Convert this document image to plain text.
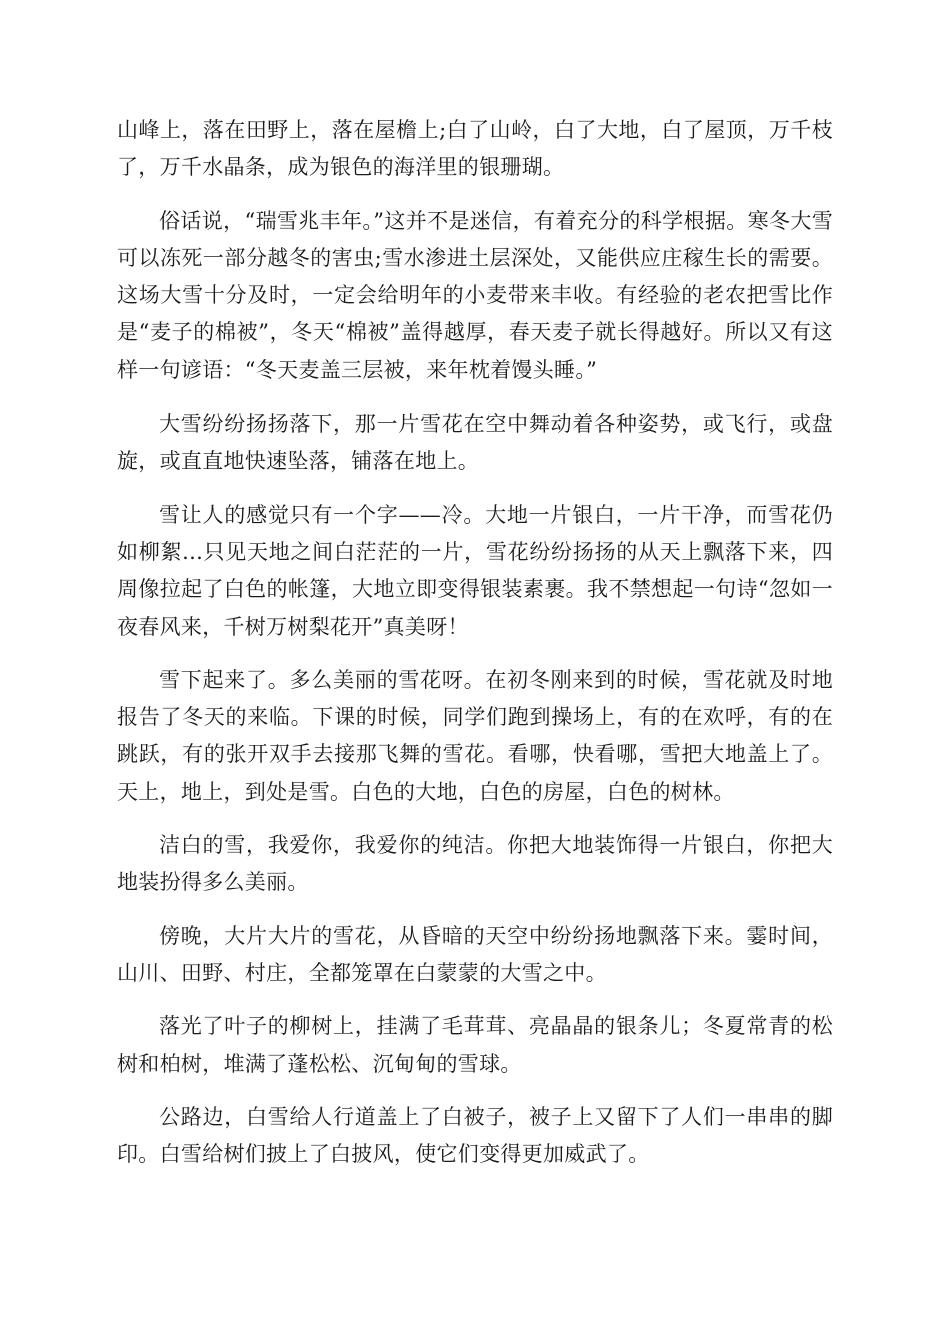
山峰上，落在田野上，落在屋檐上;白了山岭，白了大地，白了屋顶，万千枝了，万千水晶条，成为银色的海洋里的银珊瑚。

俗话说，“瑞雪兆丰年。”这并不是迷信，有着充分的科学根据。寒冬大雪可以冻死一部分越冬的害虫;雪水渗进土层深处，又能供应庄稼生长的需要。这场大雪十分及时，一定会给明年的小麦带来丰收。有经验的老农把雪比作是“麦子的棉被”，冬天“棉被”盖得越厚，春天麦子就长得越好。所以又有这样一句谚语：“冬天麦盖三层被，来年枕着馒头睡。”

大雪纷纷扬扬落下，那一片雪花在空中舞动着各种姿势，或飞行，或盘旋，或直直地快速坠落，铺落在地上。

雪让人的感觉只有一个字——冷。大地一片银白，一片干净，而雪花仍如柳絮...只见天地之间白茫茫的一片，雪花纷纷扬扬的从天上飘落下来，四周像拉起了白色的帐篷，大地立即变得银装素裹。我不禁想起一句诗“忽如一夜春风来，千树万树梨花开”真美呀！

雪下起来了。多么美丽的雪花呀。在初冬刚来到的时候，雪花就及时地报告了冬天的来临。下课的时候，同学们跑到操场上，有的在欢呼，有的在跳跃，有的张开双手去接那飞舞的雪花。看哪，快看哪，雪把大地盖上了。天上，地上，到处是雪。白色的大地，白色的房屋，白色的树林。

洁白的雪，我爱你，我爱你的纯洁。你把大地装饰得一片银白，你把大地装扮得多么美丽。

傍晚，大片大片的雪花，从昏暗的天空中纷纷扬地飘落下来。霎时间，山川、田野、村庄，全都笼罩在白蒙蒙的大雪之中。

落光了叶子的柳树上，挂满了毛茸茸、亮晶晶的银条儿；冬夏常青的松树和柏树，堆满了蓬松松、沉甸甸的雪球。

公路边，白雪给人行道盖上了白被子，被子上又留下了人们一串串的脚印。白雪给树们披上了白披风，使它们变得更加威武了。
